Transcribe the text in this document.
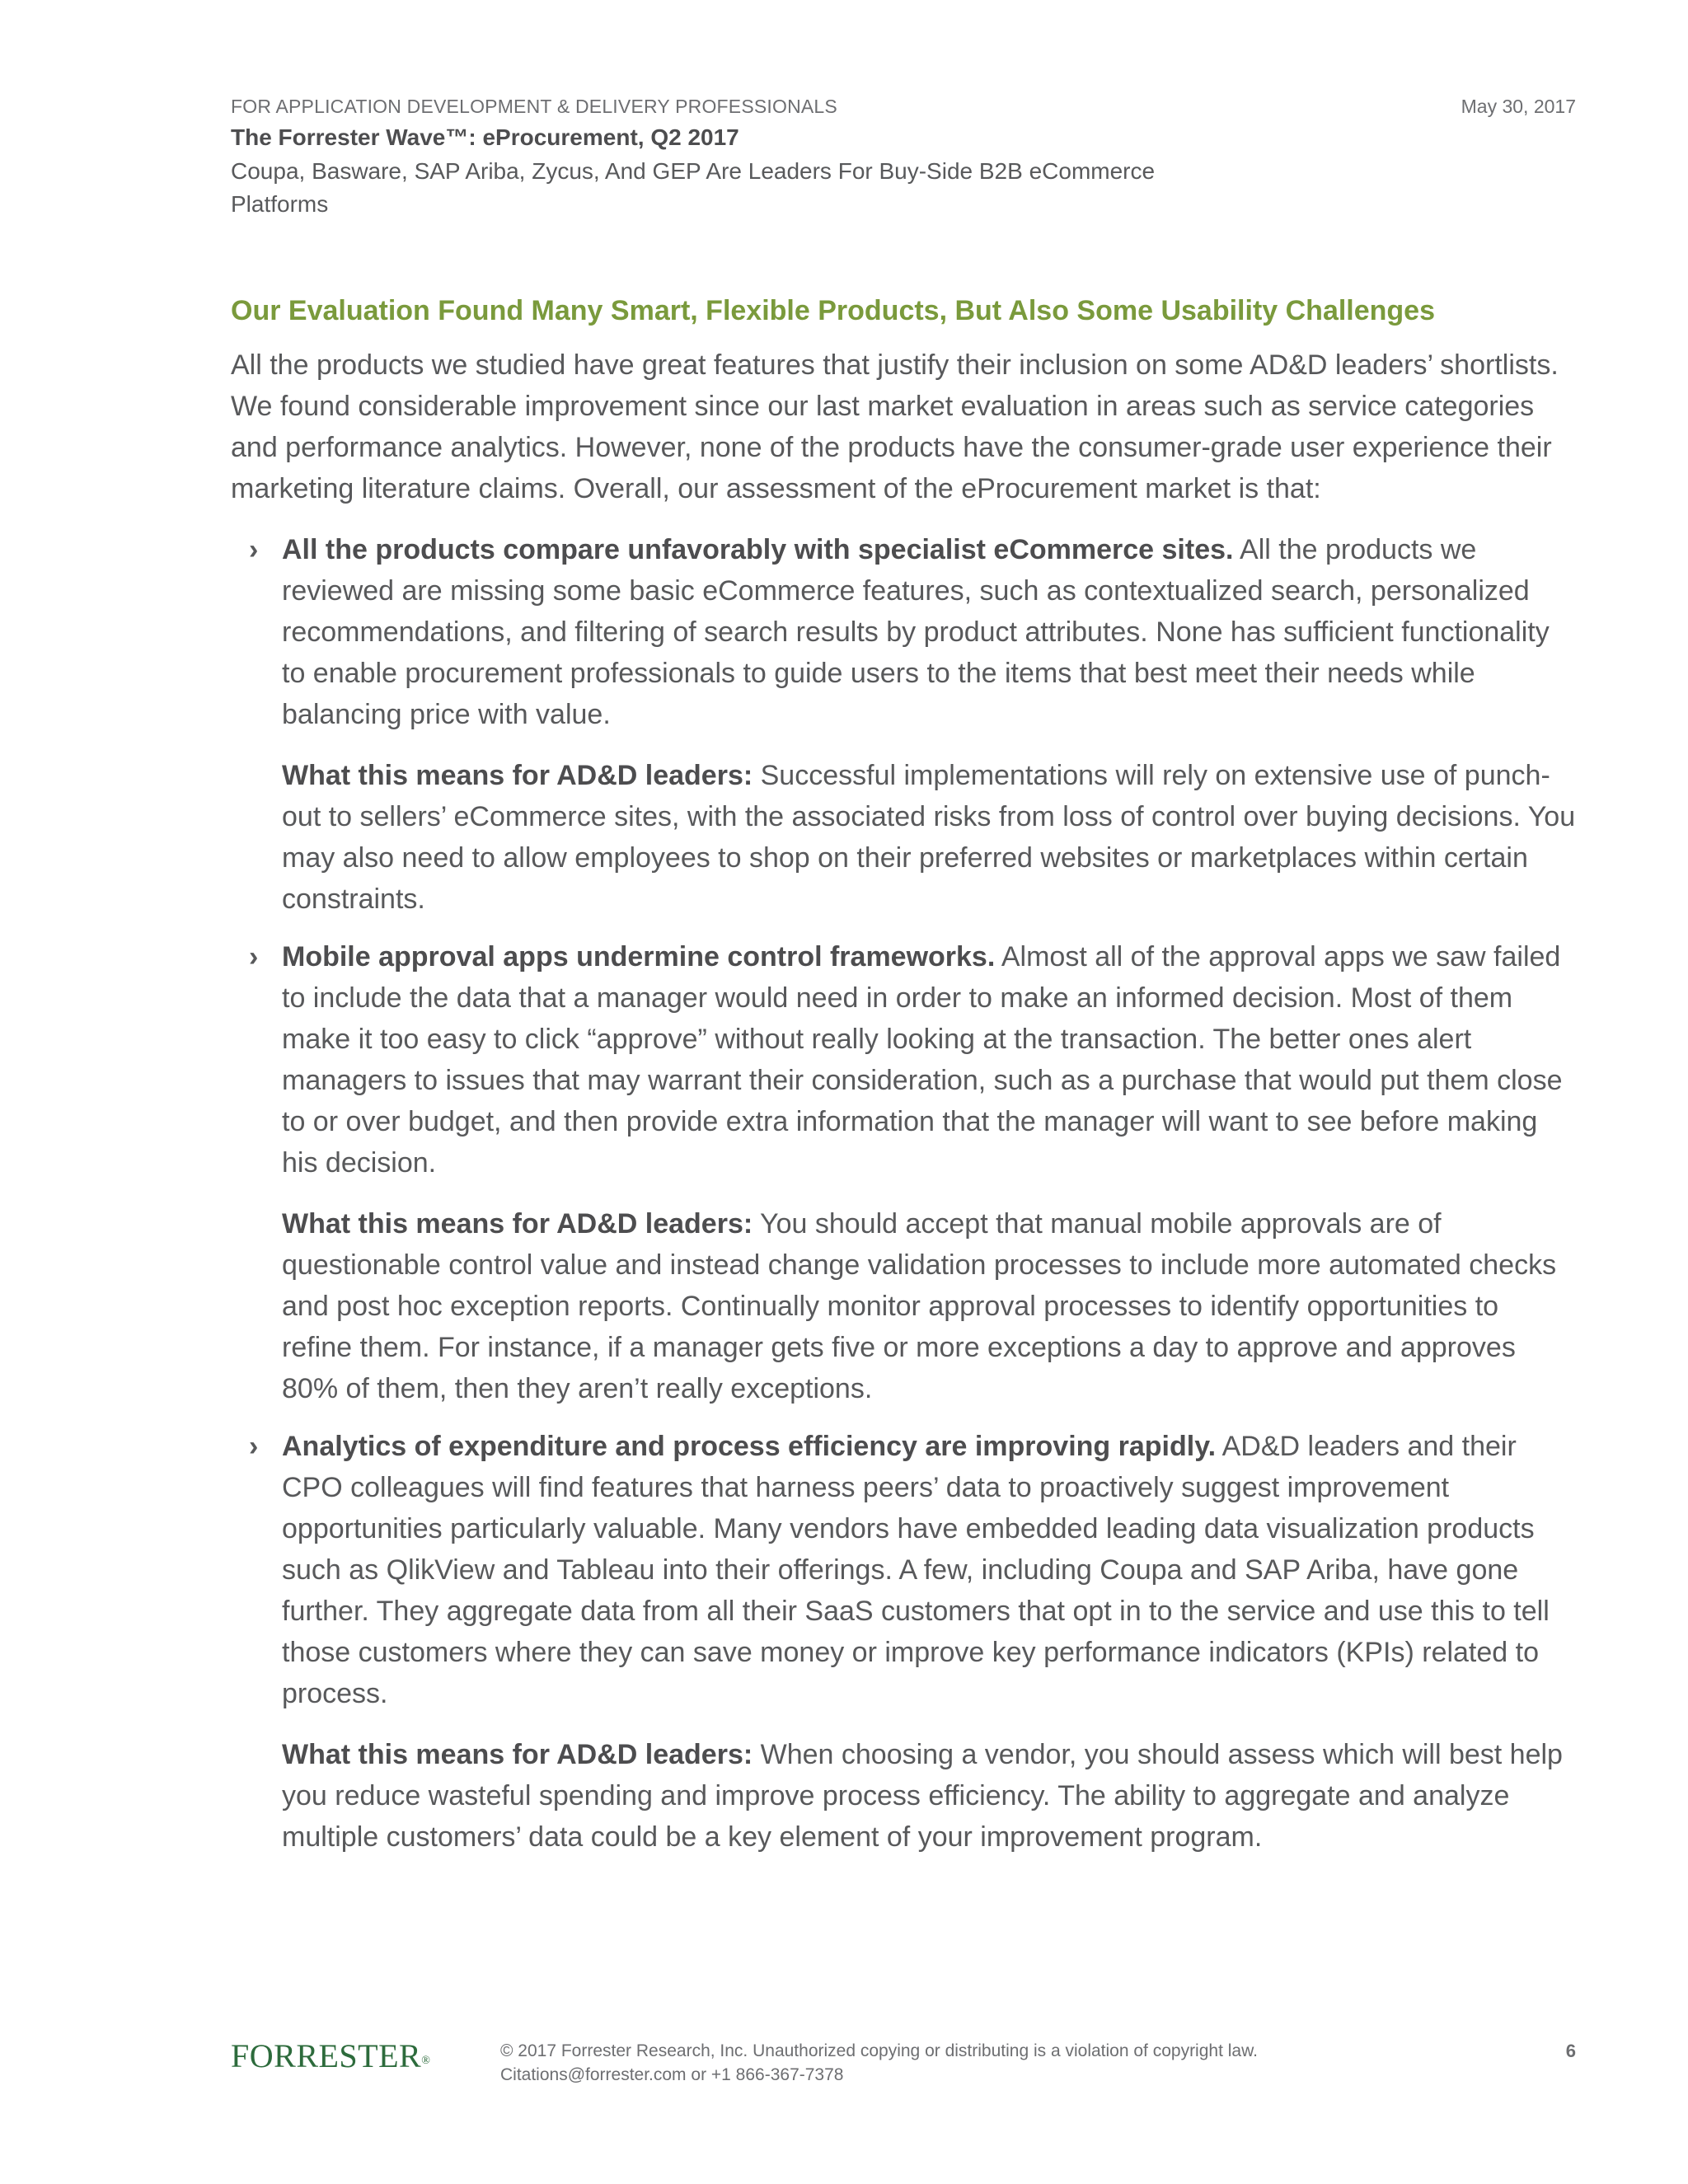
FOR APPLICATION DEVELOPMENT & DELIVERY PROFESSIONALS	May 30, 2017
The Forrester Wave™: eProcurement, Q2 2017
Coupa, Basware, SAP Ariba, Zycus, And GEP Are Leaders For Buy-Side B2B eCommerce Platforms
Our Evaluation Found Many Smart, Flexible Products, But Also Some Usability Challenges

All the products we studied have great features that justify their inclusion on some AD&D leaders’ shortlists. We found considerable improvement since our last market evaluation in areas such as service categories and performance analytics. However, none of the products have the consumer-grade user experience their marketing literature claims. Overall, our assessment of the eProcurement market is that:

› All the products compare unfavorably with specialist eCommerce sites. All the products we reviewed are missing some basic eCommerce features, such as contextualized search, personalized recommendations, and filtering of search results by product attributes. None has sufficient functionality to enable procurement professionals to guide users to the items that best meet their needs while balancing price with value.

What this means for AD&D leaders: Successful implementations will rely on extensive use of punch-out to sellers’ eCommerce sites, with the associated risks from loss of control over buying decisions. You may also need to allow employees to shop on their preferred websites or marketplaces within certain constraints.

› Mobile approval apps undermine control frameworks. Almost all of the approval apps we saw failed to include the data that a manager would need in order to make an informed decision. Most of them make it too easy to click “approve” without really looking at the transaction. The better ones alert managers to issues that may warrant their consideration, such as a purchase that would put them close to or over budget, and then provide extra information that the manager will want to see before making his decision.

What this means for AD&D leaders: You should accept that manual mobile approvals are of questionable control value and instead change validation processes to include more automated checks and post hoc exception reports. Continually monitor approval processes to identify opportunities to refine them. For instance, if a manager gets five or more exceptions a day to approve and approves 80% of them, then they aren’t really exceptions.

› Analytics of expenditure and process efficiency are improving rapidly. AD&D leaders and their CPO colleagues will find features that harness peers’ data to proactively suggest improvement opportunities particularly valuable. Many vendors have embedded leading data visualization products such as QlikView and Tableau into their offerings. A few, including Coupa and SAP Ariba, have gone further. They aggregate data from all their SaaS customers that opt in to the service and use this to tell those customers where they can save money or improve key performance indicators (KPIs) related to process.

What this means for AD&D leaders: When choosing a vendor, you should assess which will best help you reduce wasteful spending and improve process efficiency. The ability to aggregate and analyze multiple customers’ data could be a key element of your improvement program.

FORRESTER®
© 2017 Forrester Research, Inc. Unauthorized copying or distributing is a violation of copyright law.
Citations@forrester.com or +1 866-367-7378
6
